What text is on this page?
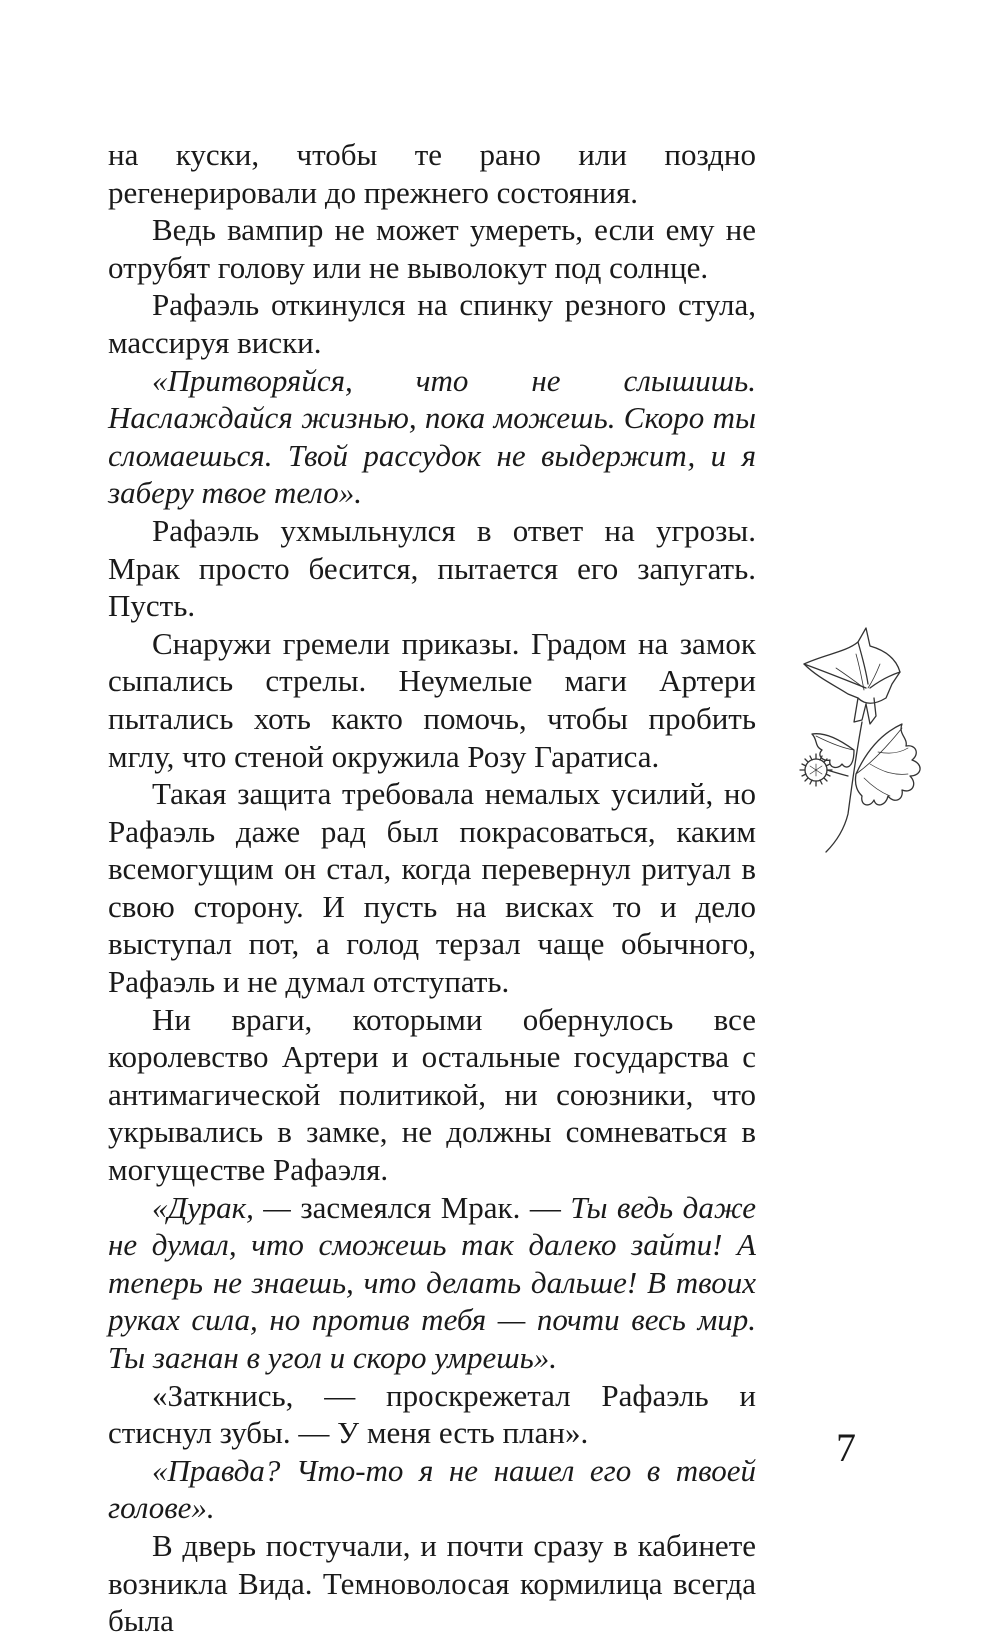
на куски, чтобы те рано или поздно регенерировали до прежнего состояния.

Ведь вампир не может умереть, если ему не отрубят голову или не выволокут под солнце.

Рафаэль откинулся на спинку резного стула, массируя виски.

«Притворяйся, что не слышишь. Наслаждайся жизнью, пока можешь. Скоро ты сломаешься. Твой рассудок не выдержит, и я заберу твое тело».

Рафаэль ухмыльнулся в ответ на угрозы. Мрак просто бесится, пытается его запугать. Пусть.

Снаружи гремели приказы. Градом на замок сыпались стрелы. Неумелые маги Артери пытались хоть както помочь, чтобы пробить мглу, что стеной окружила Розу Гаратиса.

Такая защита требовала немалых усилий, но Рафаэль даже рад был покрасоваться, каким всемогущим он стал, когда перевернул ритуал в свою сторону. И пусть на висках то и дело выступал пот, а голод терзал чаще обычного, Рафаэль и не думал отступать.

Ни враги, которыми обернулось все королевство Артери и остальные государства с антимагической политикой, ни союзники, что укрывались в замке, не должны сомневаться в могуществе Рафаэля.

«Дурак, — засмеялся Мрак. — Ты ведь даже не думал, что сможешь так далеко зайти! А теперь не знаешь, что делать дальше! В твоих руках сила, но против тебя — почти весь мир. Ты загнан в угол и скоро умрешь».

«Заткнись, — проскрежетал Рафаэль и стиснул зубы. — У меня есть план».

«Правда? Что-то я не нашел его в твоей голове».

В дверь постучали, и почти сразу в кабинете возникла Вида. Темноволосая кормилица всегда была

7
